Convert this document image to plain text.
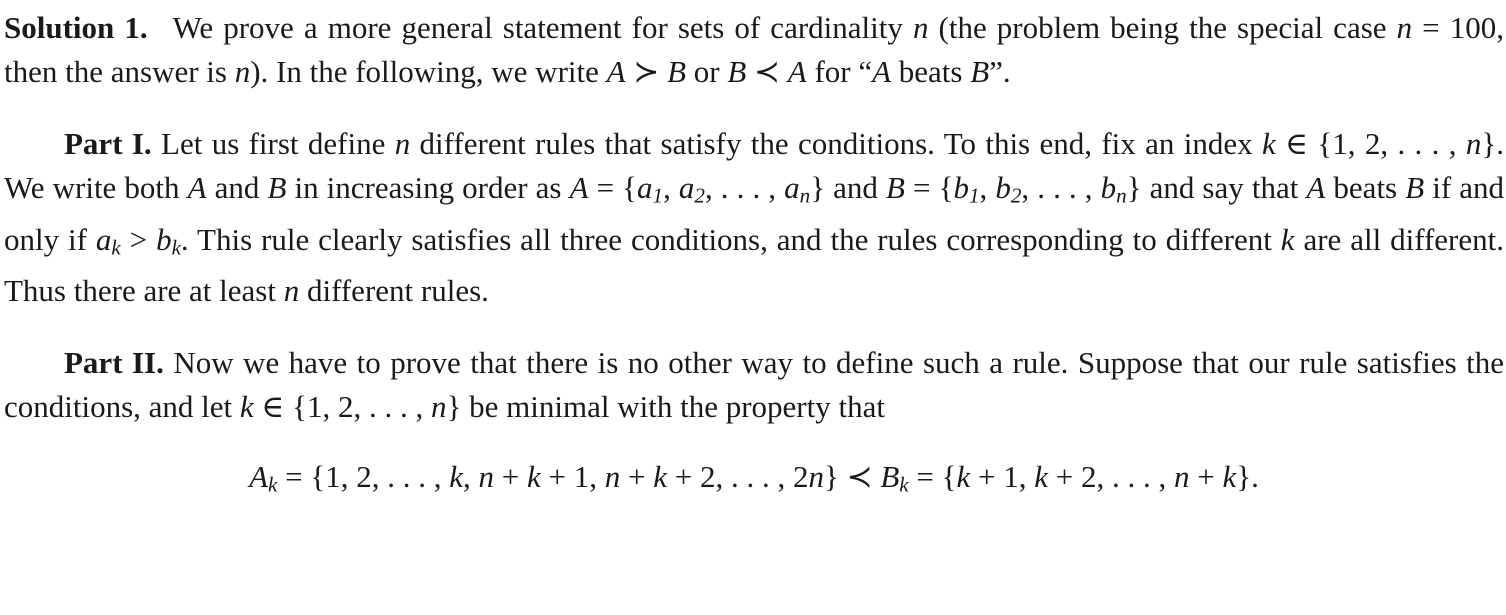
Solution 1.  We prove a more general statement for sets of cardinality n (the problem being the special case n = 100, then the answer is n). In the following, we write A ≻ B or B ≺ A for “A beats B”.

Part I. Let us first define n different rules that satisfy the conditions. To this end, fix an index k ∈ {1, 2, . . . , n}. We write both A and B in increasing order as A = {a1, a2, . . . , an} and B = {b1, b2, . . . , bn} and say that A beats B if and only if ak > bk. This rule clearly satisfies all three conditions, and the rules corresponding to different k are all different. Thus there are at least n different rules.

Part II. Now we have to prove that there is no other way to define such a rule. Suppose that our rule satisfies the conditions, and let k ∈ {1, 2, . . . , n} be minimal with the property that

Ak = {1, 2, . . . , k, n + k + 1, n + k + 2, . . . , 2n} ≺ Bk = {k + 1, k + 2, . . . , n + k}.
